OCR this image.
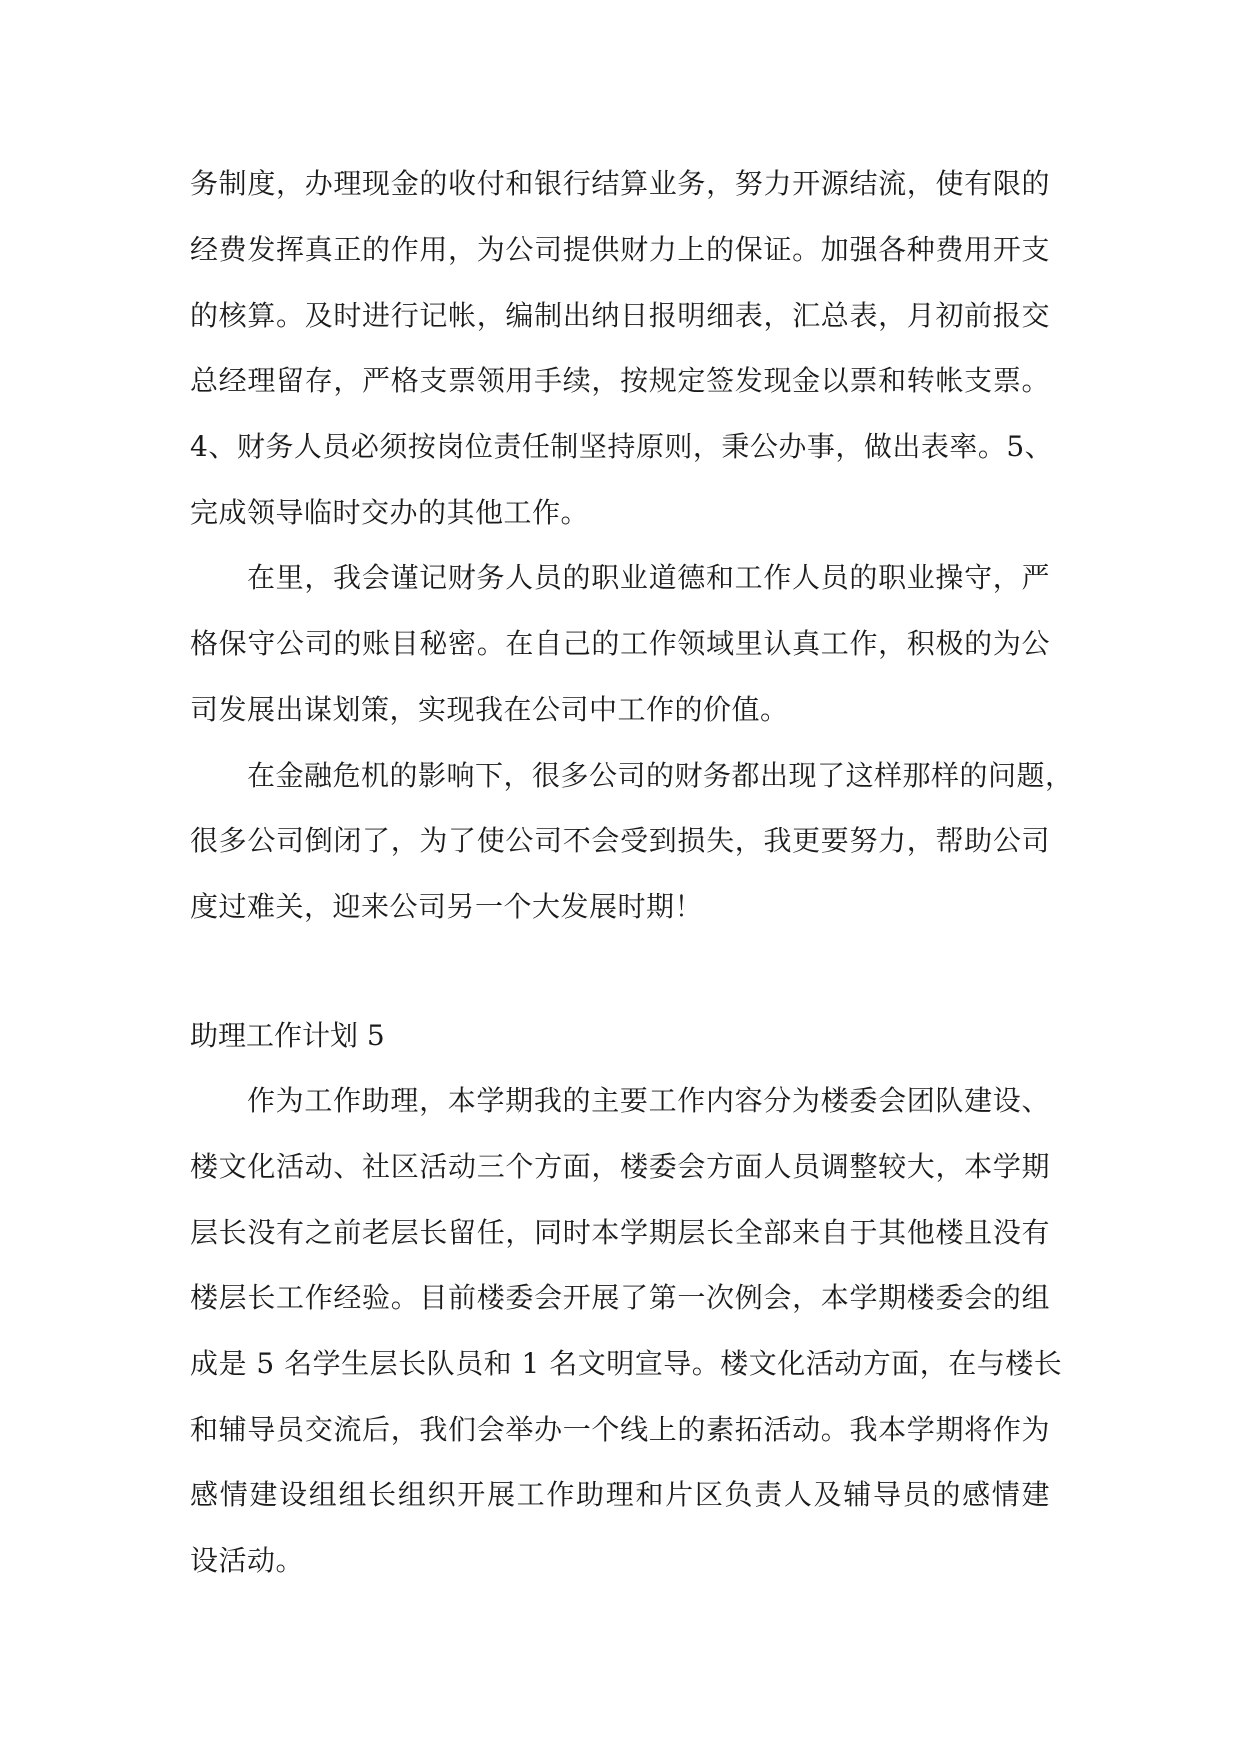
务制度，办理现金的收付和银行结算业务，努力开源结流，使有限的
经费发挥真正的作用，为公司提供财力上的保证。加强各种费用开支
的核算。及时进行记帐，编制出纳日报明细表，汇总表，月初前报交
总经理留存，严格支票领用手续，按规定签发现金以票和转帐支票。
4、财务人员必须按岗位责任制坚持原则，秉公办事，做出表率。5、
完成领导临时交办的其他工作。
在里，我会谨记财务人员的职业道德和工作人员的职业操守，严
格保守公司的账目秘密。在自己的工作领域里认真工作，积极的为公
司发展出谋划策，实现我在公司中工作的价值。
在金融危机的影响下，很多公司的财务都出现了这样那样的问题，
很多公司倒闭了，为了使公司不会受到损失，我更要努力，帮助公司
度过难关，迎来公司另一个大发展时期！
助理工作计划 5
作为工作助理，本学期我的主要工作内容分为楼委会团队建设、
楼文化活动、社区活动三个方面，楼委会方面人员调整较大，本学期
层长没有之前老层长留任，同时本学期层长全部来自于其他楼且没有
楼层长工作经验。目前楼委会开展了第一次例会，本学期楼委会的组
成是 5 名学生层长队员和 1 名文明宣导。楼文化活动方面，在与楼长
和辅导员交流后，我们会举办一个线上的素拓活动。我本学期将作为
感情建设组组长组织开展工作助理和片区负责人及辅导员的感情建
设活动。
